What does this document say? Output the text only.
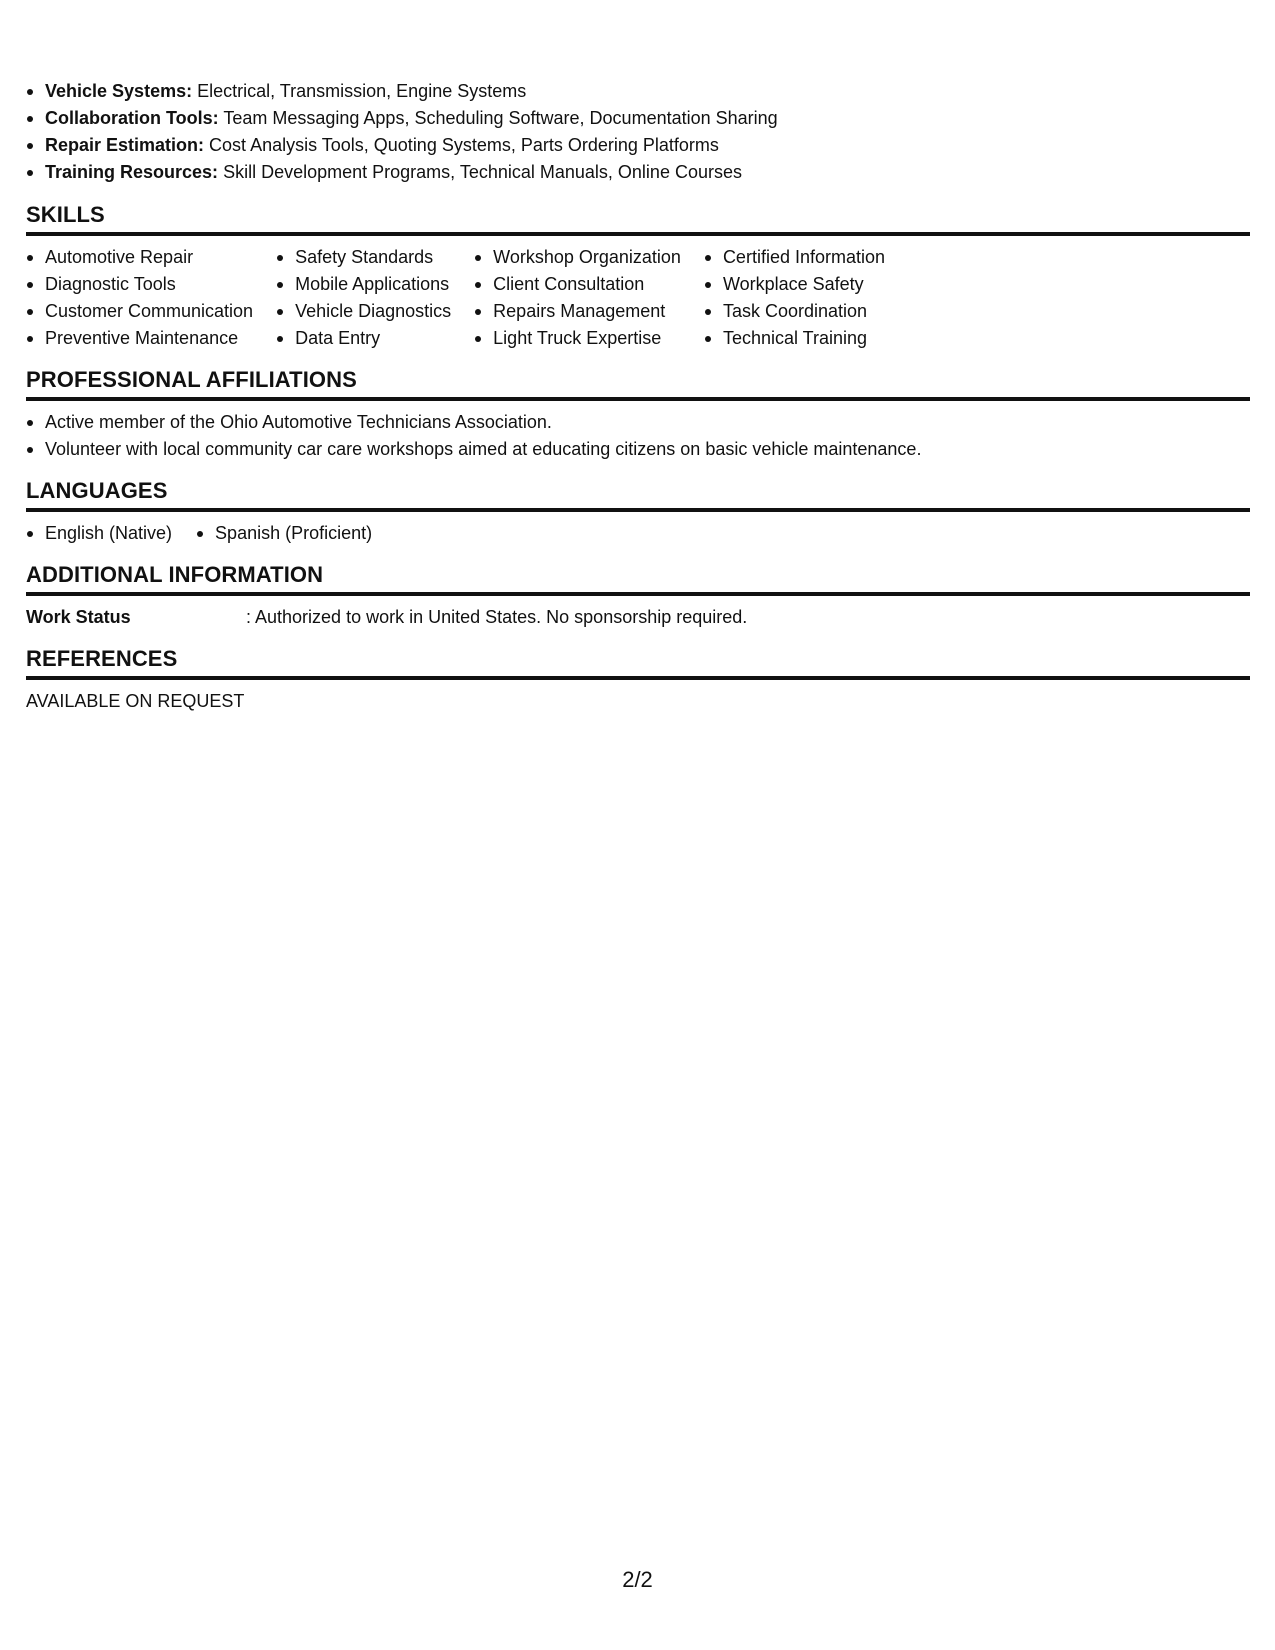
Vehicle Systems: Electrical, Transmission, Engine Systems
Collaboration Tools: Team Messaging Apps, Scheduling Software, Documentation Sharing
Repair Estimation: Cost Analysis Tools, Quoting Systems, Parts Ordering Platforms
Training Resources: Skill Development Programs, Technical Manuals, Online Courses
SKILLS
Automotive Repair
Diagnostic Tools
Customer Communication
Preventive Maintenance
Safety Standards
Mobile Applications
Vehicle Diagnostics
Data Entry
Workshop Organization
Client Consultation
Repairs Management
Light Truck Expertise
Certified Information
Workplace Safety
Task Coordination
Technical Training
PROFESSIONAL AFFILIATIONS
Active member of the Ohio Automotive Technicians Association.
Volunteer with local community car care workshops aimed at educating citizens on basic vehicle maintenance.
LANGUAGES
English (Native)	Spanish (Proficient)
ADDITIONAL INFORMATION
Work Status	: Authorized to work in United States. No sponsorship required.
REFERENCES
AVAILABLE ON REQUEST
2/2
